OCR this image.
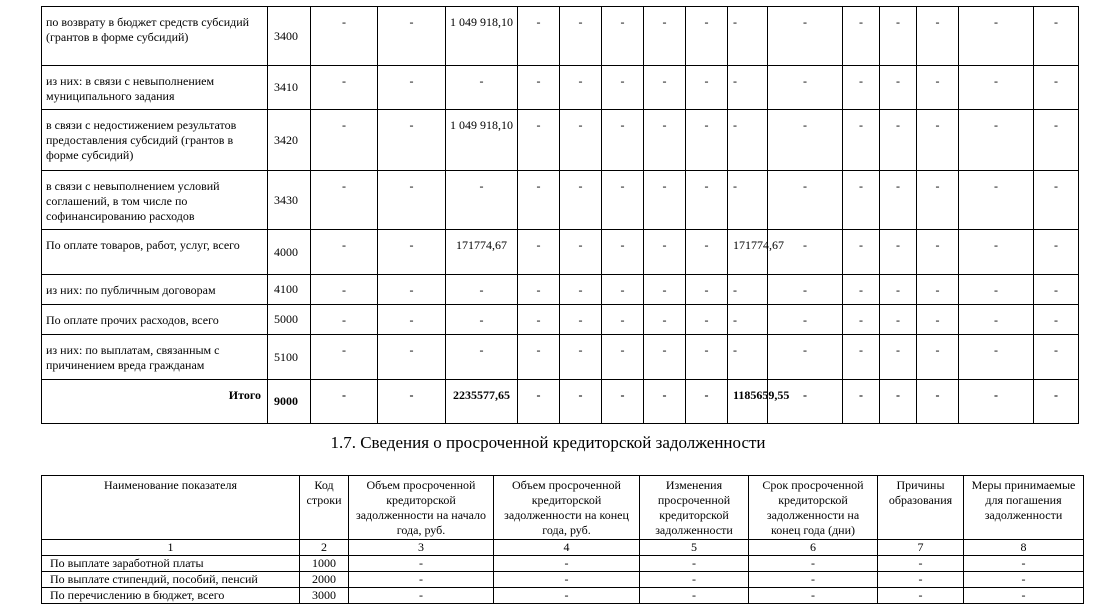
по возврату в бюджет средств субсидий (грантов в форме субсидий)	3400	-	-	1 049 918,10	-	-	-	-	-	-	-	-	-	-	-	-
из них: в связи с невыполнением муниципального задания	3410	-	-	-	-	-	-	-	-	-	-	-	-	-	-	-
в связи с недостижением результатов предоставления субсидий (грантов в форме субсидий)	3420	-	-	1 049 918,10	-	-	-	-	-	-	-	-	-	-	-	-
в связи с невыполнением условий соглашений, в том числе по софинансированию расходов	3430	-	-	-	-	-	-	-	-	-	-	-	-	-	-	-
По оплате товаров, работ, услуг, всего	4000	-	-	171774,67	-	-	-	-	-	171774,67	-	-	-	-	-	-
из них: по публичным договорам	4100	-	-	-	-	-	-	-	-	-	-	-	-	-	-	-
По оплате прочих расходов, всего	5000	-	-	-	-	-	-	-	-	-	-	-	-	-	-	-
из них: по выплатам, связанным с причинением вреда гражданам	5100	-	-	-	-	-	-	-	-	-	-	-	-	-	-	-
Итого	9000	-	-	2235577,65	-	-	-	-	-	1185659,55	-	-	-	-	-	-
1.7. Сведения о просроченной кредиторской задолженности
Наименование показателя	Код строки	Объем просроченной кредиторской задолженности на начало года, руб.	Объем просроченной кредиторской задолженности на конец года, руб.	Изменения просроченной кредиторской задолженности	Срок просроченной кредиторской задолженности на конец года (дни)	Причины образования	Меры принимаемые для погашения задолженности
1	2	3	4	5	6	7	8
По выплате заработной платы	1000	-	-	-	-	-	-
По выплате стипендий, пособий, пенсий	2000	-	-	-	-	-	-
По перечислению в бюджет, всего	3000	-	-	-	-	-	-
